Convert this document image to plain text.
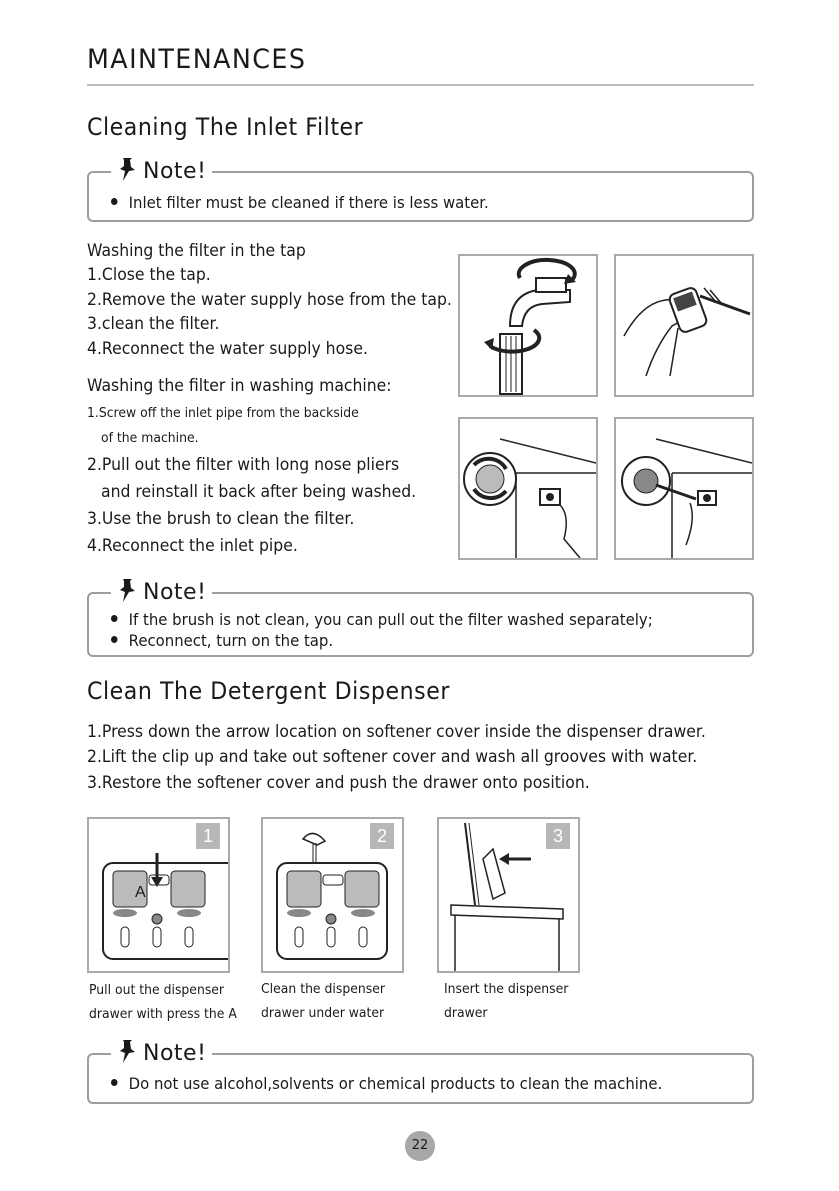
MAINTENANCES
Cleaning The Inlet Filter
Note!
Inlet filter must be cleaned if there is less water.
Washing the filter in the tap
1.Close the tap.
2.Remove the water supply hose from the tap.
3.clean the filter.
4.Reconnect the water supply hose.
Washing the filter in washing machine:
1.Screw off the inlet pipe from the backside
of the machine.
2.Pull out the filter with long nose pliers
and reinstall it back after being washed.
3.Use the brush to clean the filter.
4.Reconnect the inlet pipe.
Note!
If the brush is not clean, you can pull out the filter washed separately;
Reconnect, turn on the tap.
Clean The Detergent Dispenser
1.Press down the arrow location on softener cover inside the dispenser drawer.
2.Lift the clip up and take out softener cover and wash all grooves with water.
3.Restore the softener cover and push the drawer onto position.
1
A
2	3
Pull out the dispenser
drawer with press the A
Clean the dispenser
drawer under water
Insert the dispenser
drawer
Note!
Do not use alcohol,solvents or chemical products to clean the machine.
22
